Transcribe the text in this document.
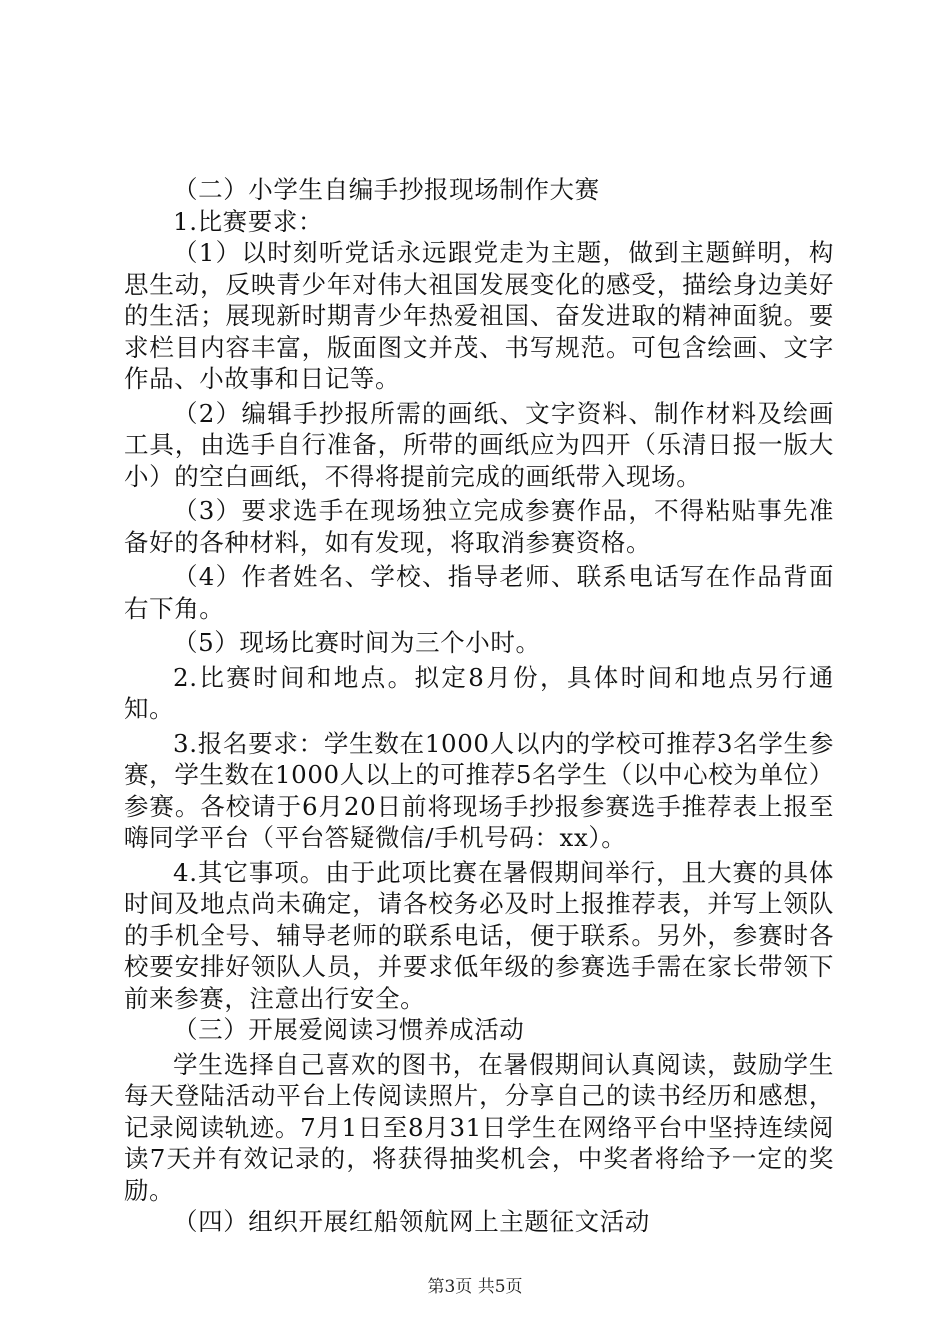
（二）小学生自编手抄报现场制作大赛

1.比赛要求：

（1）以时刻听党话永远跟党走为主题，做到主题鲜明，构思生动，反映青少年对伟大祖国发展变化的感受，描绘身边美好的生活；展现新时期青少年热爱祖国、奋发进取的精神面貌。要求栏目内容丰富，版面图文并茂、书写规范。可包含绘画、文字作品、小故事和日记等。

（2）编辑手抄报所需的画纸、文字资料、制作材料及绘画工具，由选手自行准备，所带的画纸应为四开（乐清日报一版大小）的空白画纸，不得将提前完成的画纸带入现场。

（3）要求选手在现场独立完成参赛作品，不得粘贴事先准备好的各种材料，如有发现，将取消参赛资格。

（4）作者姓名、学校、指导老师、联系电话写在作品背面右下角。

（5）现场比赛时间为三个小时。

2.比赛时间和地点。拟定8月份，具体时间和地点另行通知。

3.报名要求：学生数在1000人以内的学校可推荐3名学生参赛，学生数在1000人以上的可推荐5名学生（以中心校为单位）参赛。各校请于6月20日前将现场手抄报参赛选手推荐表上报至嗨同学平台（平台答疑微信/手机号码：xx）。

4.其它事项。由于此项比赛在暑假期间举行，且大赛的具体时间及地点尚未确定，请各校务必及时上报推荐表，并写上领队的手机全号、辅导老师的联系电话，便于联系。另外，参赛时各校要安排好领队人员，并要求低年级的参赛选手需在家长带领下前来参赛，注意出行安全。

（三）开展爱阅读习惯养成活动

学生选择自己喜欢的图书，在暑假期间认真阅读，鼓励学生每天登陆活动平台上传阅读照片，分享自己的读书经历和感想，记录阅读轨迹。7月1日至8月31日学生在网络平台中坚持连续阅读7天并有效记录的，将获得抽奖机会，中奖者将给予一定的奖励。

（四）组织开展红船领航网上主题征文活动

第3页 共5页
